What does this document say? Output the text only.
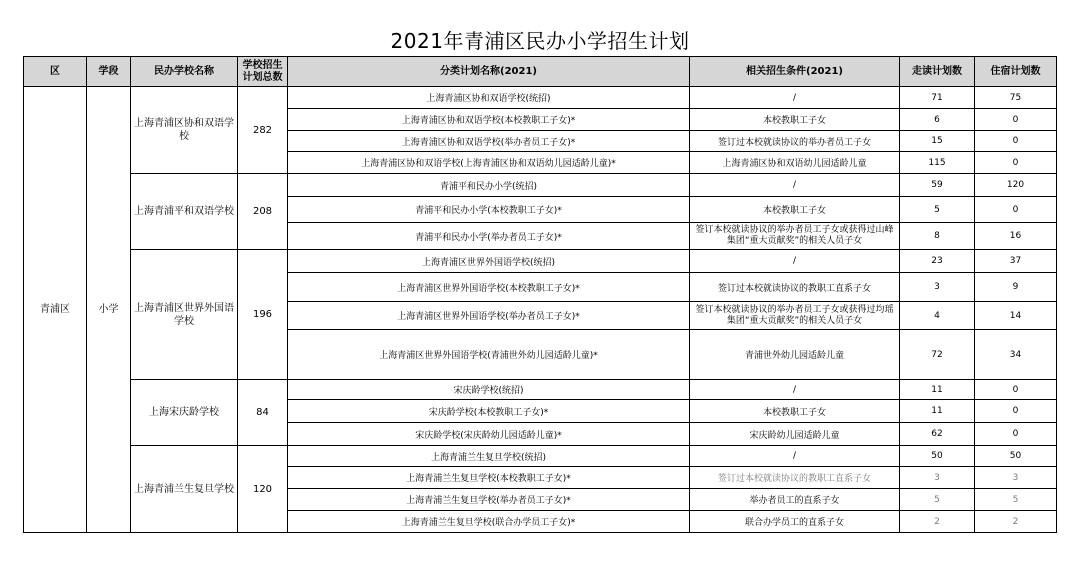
2021年青浦区民办小学招生计划
区	学段	民办学校名称	学校招生计划总数	分类计划名称(2021)	相关招生条件(2021)	走读计划数	住宿计划数
青浦区	小学	上海青浦区协和双语学校	282	上海青浦区协和双语学校(统招)	/	71	75
				上海青浦区协和双语学校(本校教职工子女)*	本校教职工子女	6	0
				上海青浦区协和双语学校(举办者员工子女)*	签订过本校就读协议的举办者员工子女	15	0
				上海青浦区协和双语学校(上海青浦区协和双语幼儿园适龄儿童)*	上海青浦区协和双语幼儿园适龄儿童	115	0
		上海青浦平和双语学校	208	青浦平和民办小学(统招)	/	59	120
				青浦平和民办小学(本校教职工子女)*	本校教职工子女	5	0
				青浦平和民办小学(举办者员工子女)*	签订本校就读协议的举办者员工子女或获得过山峰集团“重大贡献奖”的相关人员子女	8	16
		上海青浦区世界外国语学校	196	上海青浦区世界外国语学校(统招)	/	23	37
				上海青浦区世界外国语学校(本校教职工子女)*	签订过本校就读协议的教职工直系子女	3	9
				上海青浦区世界外国语学校(举办者员工子女)*	签订本校就读协议的举办者员工子女或获得过均瑶集团“重大贡献奖”的相关人员子女	4	14
				上海青浦区世界外国语学校(青浦世外幼儿园适龄儿童)*	青浦世外幼儿园适龄儿童	72	34
		上海宋庆龄学校	84	宋庆龄学校(统招)	/	11	0
				宋庆龄学校(本校教职工子女)*	本校教职工子女	11	0
				宋庆龄学校(宋庆龄幼儿园适龄儿童)*	宋庆龄幼儿园适龄儿童	62	0
		上海青浦兰生复旦学校	120	上海青浦兰生复旦学校(统招)	/	50	50
				上海青浦兰生复旦学校(本校教职工子女)*	签订过本校就读协议的教职工直系子女	3	3
				上海青浦兰生复旦学校(举办者员工子女)*	举办者员工的直系子女	5	5
				上海青浦兰生复旦学校(联合办学员工子女)*	联合办学员工的直系子女	2	2
